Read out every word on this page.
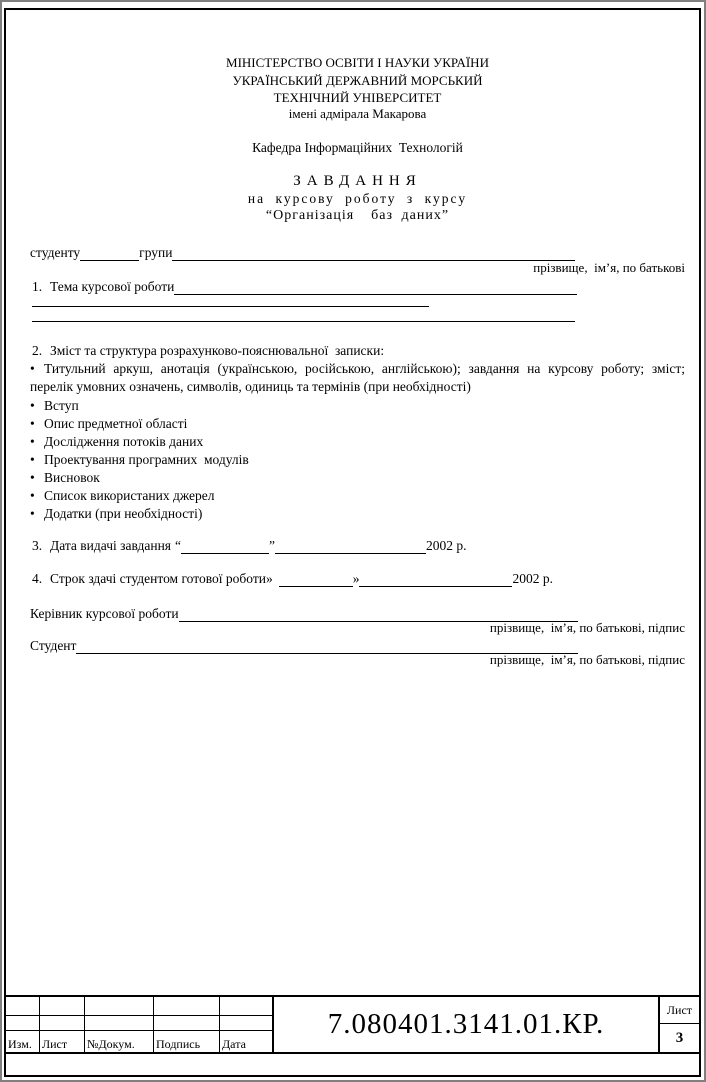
МІНІСТЕРСТВО ОСВІТИ І НАУКИ УКРАЇНИ
УКРАЇНСЬКИЙ ДЕРЖАВНИЙ МОРСЬКИЙ
ТЕХНІЧНИЙ УНІВЕРСИТЕТ
імені адмірала Макарова
Кафедра Інформаційних  Технологій
ЗАВДАННЯ
на курсову роботу з курсу
“Організація  баз даних”
студенту	групи
прізвище,  ім’я, по батькові
1. Тема курсової роботи
2. Зміст та структура розрахунково-пояснювальної  записки:
• Титульний аркуш, анотація (українською, російською, англійською); завдання на курсову роботу; зміст; перелік умовних означень, символів, одиниць та термінів (при необхідності)
• Вступ
• Опис предметної області
• Дослідження потоків даних
• Проектування програмних  модулів
• Висновок
• Список використаних джерел
• Додатки (при необхідності)
3. Дата видачі завдання “	”	2002 р.
4. Строк здачі студентом готової роботи»	»	2002 р.
Керівник курсової роботи
прізвище,  ім’я, по батькові, підпис
Студент
прізвище,  ім’я, по батькові, підпис
Изм. Лист	№Докум.	Подпись	Дата
7.080401.3141.01.КР.	Лист
3
